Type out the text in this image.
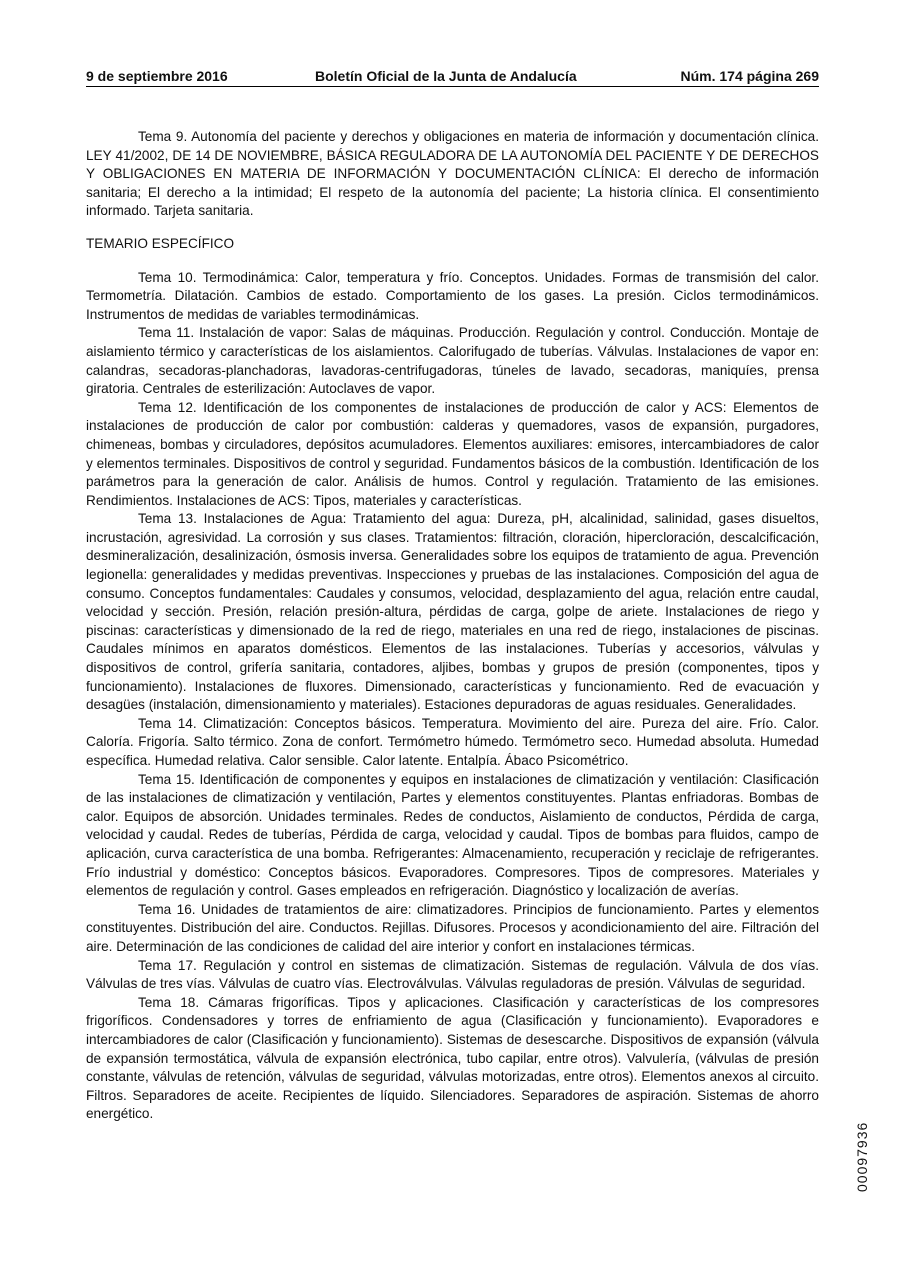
9 de septiembre 2016	Boletín Oficial de la Junta de Andalucía	Núm. 174 página 269

Tema 9. Autonomía del paciente y derechos y obligaciones en materia de información y documentación clínica. LEY 41/2002, DE 14 DE NOVIEMBRE, BÁSICA REGULADORA DE LA AUTONOMÍA DEL PACIENTE Y DE DERECHOS Y OBLIGACIONES EN MATERIA DE INFORMACIÓN Y DOCUMENTACIÓN CLÍNICA: El derecho de información sanitaria; El derecho a la intimidad; El respeto de la autonomía del paciente; La historia clínica. El consentimiento informado. Tarjeta sanitaria.

TEMARIO ESPECÍFICO

Tema 10. Termodinámica: Calor, temperatura y frío. Conceptos. Unidades. Formas de transmisión del calor. Termometría. Dilatación. Cambios de estado. Comportamiento de los gases. La presión. Ciclos termodinámicos. Instrumentos de medidas de variables termodinámicas.

Tema 11. Instalación de vapor: Salas de máquinas. Producción. Regulación y control. Conducción. Montaje de aislamiento térmico y características de los aislamientos. Calorifugado de tuberías. Válvulas. Instalaciones de vapor en: calandras, secadoras-planchadoras, lavadoras-centrifugadoras, túneles de lavado, secadoras, maniquíes, prensa giratoria. Centrales de esterilización: Autoclaves de vapor.

Tema 12. Identificación de los componentes de instalaciones de producción de calor y ACS: Elementos de instalaciones de producción de calor por combustión: calderas y quemadores, vasos de expansión, purgadores, chimeneas, bombas y circuladores, depósitos acumuladores. Elementos auxiliares: emisores, intercambiadores de calor y elementos terminales. Dispositivos de control y seguridad. Fundamentos básicos de la combustión. Identificación de los parámetros para la generación de calor. Análisis de humos. Control y regulación. Tratamiento de las emisiones. Rendimientos. Instalaciones de ACS: Tipos, materiales y características.

Tema 13. Instalaciones de Agua: Tratamiento del agua: Dureza, pH, alcalinidad, salinidad, gases disueltos, incrustación, agresividad. La corrosión y sus clases. Tratamientos: filtración, cloración, hipercloración, descalcificación, desmineralización, desalinización, ósmosis inversa. Generalidades sobre los equipos de tratamiento de agua. Prevención legionella: generalidades y medidas preventivas. Inspecciones y pruebas de las instalaciones. Composición del agua de consumo. Conceptos fundamentales: Caudales y consumos, velocidad, desplazamiento del agua, relación entre caudal, velocidad y sección. Presión, relación presión-altura, pérdidas de carga, golpe de ariete. Instalaciones de riego y piscinas: características y dimensionado de la red de riego, materiales en una red de riego, instalaciones de piscinas. Caudales mínimos en aparatos domésticos. Elementos de las instalaciones. Tuberías y accesorios, válvulas y dispositivos de control, grifería sanitaria, contadores, aljibes, bombas y grupos de presión (componentes, tipos y funcionamiento). Instalaciones de fluxores. Dimensionado, características y funcionamiento. Red de evacuación y desagües (instalación, dimensionamiento y materiales). Estaciones depuradoras de aguas residuales. Generalidades.

Tema 14. Climatización: Conceptos básicos. Temperatura. Movimiento del aire. Pureza del aire. Frío. Calor. Caloría. Frigoría. Salto térmico. Zona de confort. Termómetro húmedo. Termómetro seco. Humedad absoluta. Humedad específica. Humedad relativa. Calor sensible. Calor latente. Entalpía. Ábaco Psicométrico.

Tema 15. Identificación de componentes y equipos en instalaciones de climatización y ventilación: Clasificación de las instalaciones de climatización y ventilación, Partes y elementos constituyentes. Plantas enfriadoras. Bombas de calor. Equipos de absorción. Unidades terminales. Redes de conductos, Aislamiento de conductos, Pérdida de carga, velocidad y caudal. Redes de tuberías, Pérdida de carga, velocidad y caudal. Tipos de bombas para fluidos, campo de aplicación, curva característica de una bomba. Refrigerantes: Almacenamiento, recuperación y reciclaje de refrigerantes. Frío industrial y doméstico: Conceptos básicos. Evaporadores. Compresores. Tipos de compresores. Materiales y elementos de regulación y control. Gases empleados en refrigeración. Diagnóstico y localización de averías.

Tema 16. Unidades de tratamientos de aire: climatizadores. Principios de funcionamiento. Partes y elementos constituyentes. Distribución del aire. Conductos. Rejillas. Difusores. Procesos y acondicionamiento del aire. Filtración del aire. Determinación de las condiciones de calidad del aire interior y confort en instalaciones térmicas.

Tema 17. Regulación y control en sistemas de climatización. Sistemas de regulación. Válvula de dos vías. Válvulas de tres vías. Válvulas de cuatro vías. Electroválvulas. Válvulas reguladoras de presión. Válvulas de seguridad.

Tema 18. Cámaras frigoríficas. Tipos y aplicaciones. Clasificación y características de los compresores frigoríficos. Condensadores y torres de enfriamiento de agua (Clasificación y funcionamiento). Evaporadores e intercambiadores de calor (Clasificación y funcionamiento). Sistemas de desescarche. Dispositivos de expansión (válvula de expansión termostática, válvula de expansión electrónica, tubo capilar, entre otros). Valvulería, (válvulas de presión constante, válvulas de retención, válvulas de seguridad, válvulas motorizadas, entre otros). Elementos anexos al circuito. Filtros. Separadores de aceite. Recipientes de líquido. Silenciadores. Separadores de aspiración. Sistemas de ahorro energético.

00097936
